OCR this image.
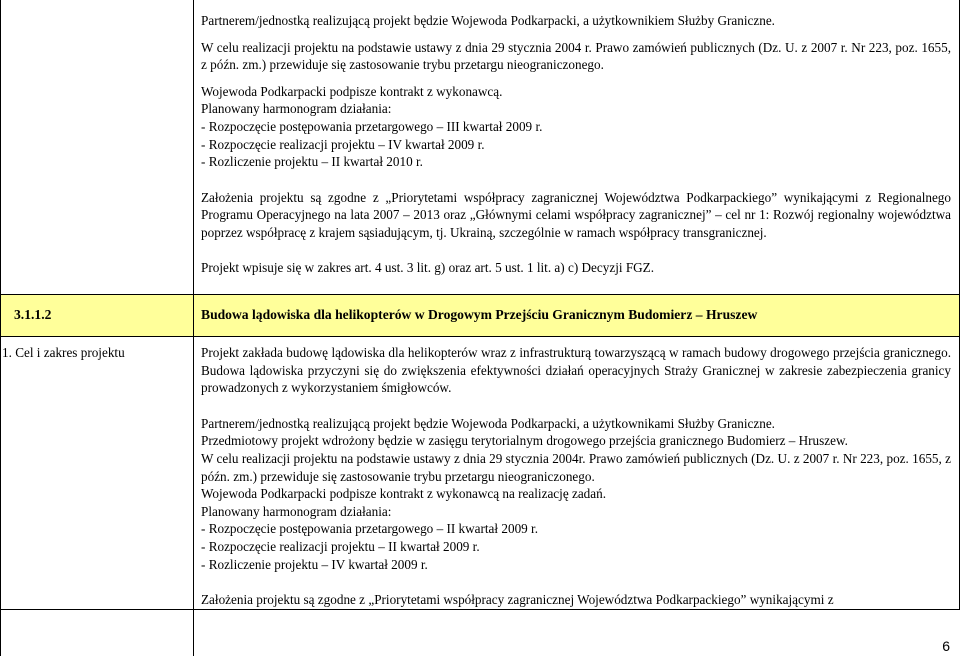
Partnerem/jednostką realizującą projekt będzie Wojewoda Podkarpacki, a użytkownikiem Służby Graniczne.

W celu realizacji projektu na podstawie ustawy z dnia 29 stycznia 2004 r. Prawo zamówień publicznych (Dz. U. z 2007 r. Nr 223, poz. 1655, z późn. zm.) przewiduje się zastosowanie trybu przetargu nieograniczonego.

Wojewoda Podkarpacki podpisze kontrakt z wykonawcą.

Planowany harmonogram działania:

- Rozpoczęcie postępowania przetargowego – III kwartał 2009 r.

- Rozpoczęcie realizacji projektu – IV kwartał 2009 r.

- Rozliczenie projektu – II kwartał 2010 r.

Założenia projektu są zgodne z „Priorytetami współpracy zagranicznej Województwa Podkarpackiego” wynikającymi z Regionalnego Programu Operacyjnego na lata 2007 – 2013 oraz „Głównymi celami współpracy zagranicznej” – cel nr 1: Rozwój regionalny województwa poprzez współpracę z krajem sąsiadującym, tj. Ukrainą, szczególnie w ramach współpracy transgranicznej.

Projekt wpisuje się w zakres art. 4 ust. 3 lit. g) oraz art. 5 ust. 1 lit. a) c) Decyzji FGZ.

3.1.1.2	Budowa lądowiska dla helikopterów w Drogowym Przejściu Granicznym Budomierz – Hruszew
1. Cel i zakres projektu	Projekt zakłada budowę lądowiska dla helikopterów wraz z infrastrukturą towarzyszącą w ramach budowy drogowego przejścia granicznego. Budowa lądowiska przyczyni się do zwiększenia efektywności działań operacyjnych Straży Granicznej w zakresie zabezpieczenia granicy prowadzonych z wykorzystaniem śmigłowców.

Partnerem/jednostką realizującą projekt będzie Wojewoda Podkarpacki, a użytkownikami Służby Graniczne.

Przedmiotowy projekt wdrożony będzie w zasięgu terytorialnym drogowego przejścia granicznego Budomierz – Hruszew.

W celu realizacji projektu na podstawie ustawy z dnia 29 stycznia 2004r. Prawo zamówień publicznych (Dz. U. z 2007 r. Nr 223, poz. 1655, z późn. zm.) przewiduje się zastosowanie trybu przetargu nieograniczonego.

Wojewoda Podkarpacki podpisze kontrakt z wykonawcą na realizację zadań.

Planowany harmonogram działania:

- Rozpoczęcie postępowania przetargowego – II kwartał 2009 r.

- Rozpoczęcie realizacji projektu – II kwartał 2009 r.

- Rozliczenie projektu – IV kwartał 2009 r.

Założenia projektu są zgodne z „Priorytetami współpracy zagranicznej Województwa Podkarpackiego” wynikającymi z

6
